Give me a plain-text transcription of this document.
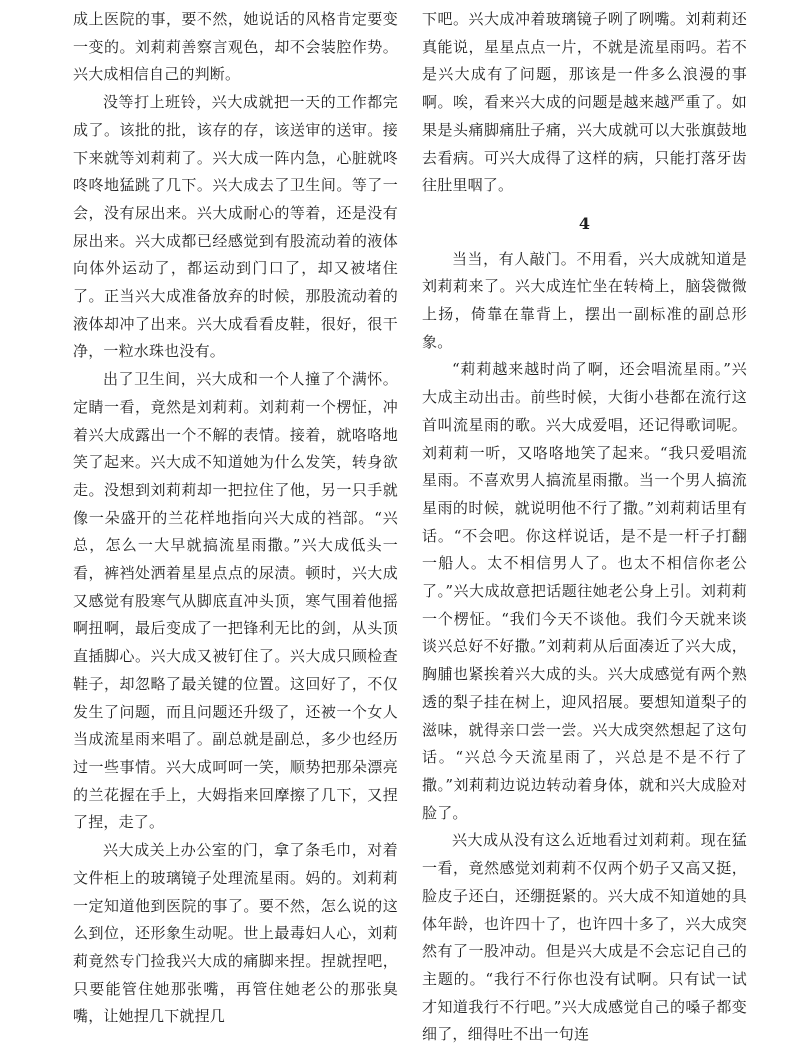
成上医院的事，要不然，她说话的风格肯定要变一变的。刘莉莉善察言观色，却不会装腔作势。兴大成相信自己的判断。

没等打上班铃，兴大成就把一天的工作都完成了。该批的批，该存的存，该送审的送审。接下来就等刘莉莉了。兴大成一阵内急，心脏就咚咚咚地猛跳了几下。兴大成去了卫生间。等了一会，没有尿出来。兴大成耐心的等着，还是没有尿出来。兴大成都已经感觉到有股流动着的液体向体外运动了，都运动到门口了，却又被堵住了。正当兴大成准备放弃的时候，那股流动着的液体却冲了出来。兴大成看看皮鞋，很好，很干净，一粒水珠也没有。

出了卫生间，兴大成和一个人撞了个满怀。定睛一看，竟然是刘莉莉。刘莉莉一个楞怔，冲着兴大成露出一个不解的表情。接着，就咯咯地笑了起来。兴大成不知道她为什么发笑，转身欲走。没想到刘莉莉却一把拉住了他，另一只手就像一朵盛开的兰花样地指向兴大成的裆部。“兴总，怎么一大早就搞流星雨撒。”兴大成低头一看，裤裆处洒着星星点点的尿渍。顿时，兴大成又感觉有股寒气从脚底直冲头顶，寒气围着他摇啊扭啊，最后变成了一把锋利无比的剑，从头顶直插脚心。兴大成又被钉住了。兴大成只顾检查鞋子，却忽略了最关键的位置。这回好了，不仅发生了问题，而且问题还升级了，还被一个女人当成流星雨来唱了。副总就是副总，多少也经历过一些事情。兴大成呵呵一笑，顺势把那朵漂亮的兰花握在手上，大姆指来回摩擦了几下，又捏了捏，走了。

兴大成关上办公室的门，拿了条毛巾，对着文件柜上的玻璃镜子处理流星雨。妈的。刘莉莉一定知道他到医院的事了。要不然，怎么说的这么到位，还形象生动呢。世上最毒妇人心，刘莉莉竟然专门捡我兴大成的痛脚来捏。捏就捏吧，只要能管住她那张嘴，再管住她老公的那张臭嘴，让她捏几下就捏几

下吧。兴大成冲着玻璃镜子咧了咧嘴。刘莉莉还真能说，星星点点一片，不就是流星雨吗。若不是兴大成有了问题，那该是一件多么浪漫的事啊。唉，看来兴大成的问题是越来越严重了。如果是头痛脚痛肚子痛，兴大成就可以大张旗鼓地去看病。可兴大成得了这样的病，只能打落牙齿往肚里咽了。

4

当当，有人敲门。不用看，兴大成就知道是刘莉莉来了。兴大成连忙坐在转椅上，脑袋微微上扬，倚靠在靠背上，摆出一副标准的副总形象。

“莉莉越来越时尚了啊，还会唱流星雨。”兴大成主动出击。前些时候，大街小巷都在流行这首叫流星雨的歌。兴大成爱唱，还记得歌词呢。刘莉莉一听，又咯咯地笑了起来。“我只爱唱流星雨。不喜欢男人搞流星雨撒。当一个男人搞流星雨的时候，就说明他不行了撒。”刘莉莉话里有话。“不会吧。你这样说话，是不是一杆子打翻一船人。太不相信男人了。也太不相信你老公了。”兴大成故意把话题往她老公身上引。刘莉莉一个楞怔。“我们今天不谈他。我们今天就来谈谈兴总好不好撒。”刘莉莉从后面凑近了兴大成，胸脯也紧挨着兴大成的头。兴大成感觉有两个熟透的梨子挂在树上，迎风招展。要想知道梨子的滋味，就得亲口尝一尝。兴大成突然想起了这句话。“兴总今天流星雨了，兴总是不是不行了撒。”刘莉莉边说边转动着身体，就和兴大成脸对脸了。

兴大成从没有这么近地看过刘莉莉。现在猛一看，竟然感觉刘莉莉不仅两个奶子又高又挺，脸皮子还白，还绷挺紧的。兴大成不知道她的具体年龄，也许四十了，也许四十多了，兴大成突然有了一股冲动。但是兴大成是不会忘记自己的主题的。“我行不行你也没有试啊。只有试一试才知道我行不行吧。”兴大成感觉自己的嗓子都变细了，细得吐不出一句连
